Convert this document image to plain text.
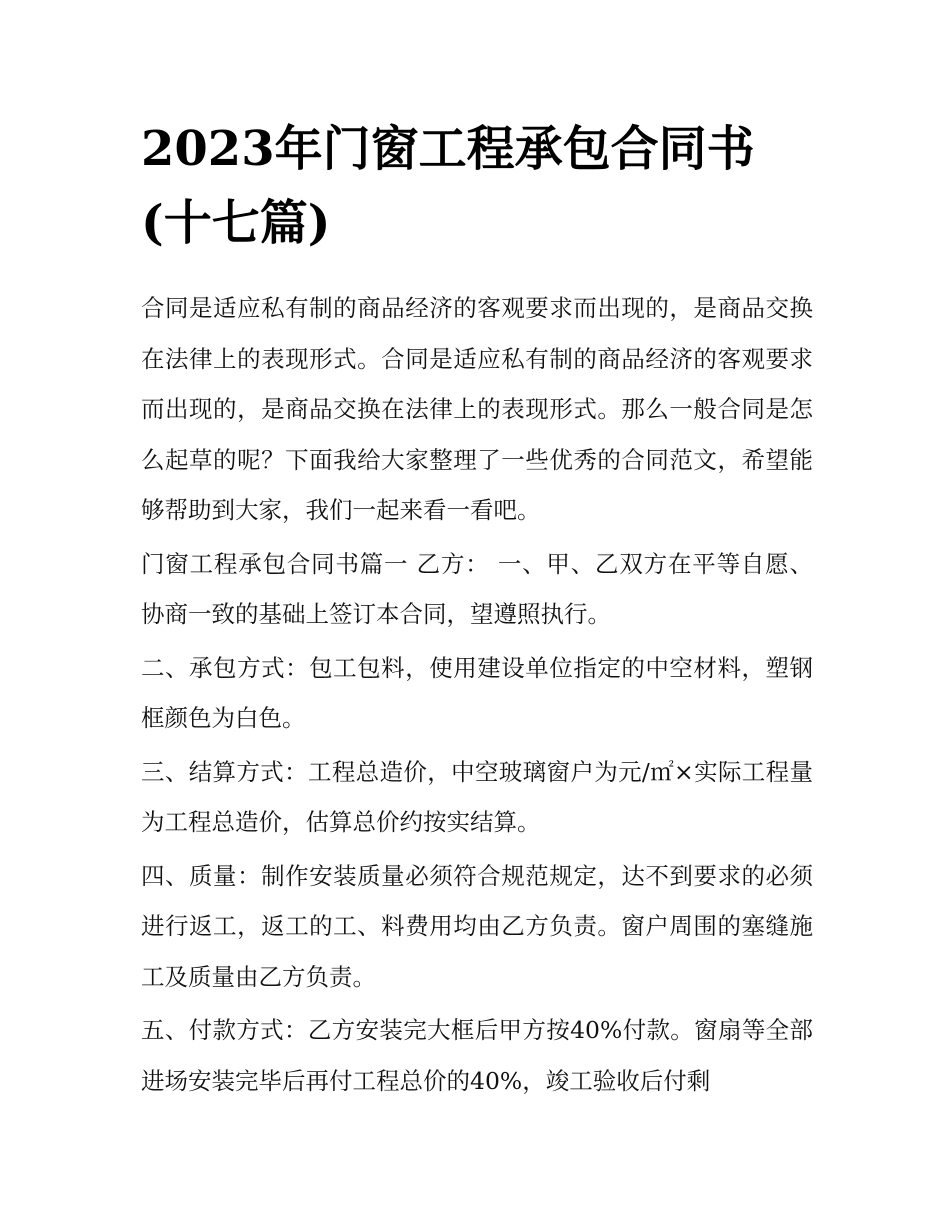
2023年门窗工程承包合同书
(十七篇)

合同是适应私有制的商品经济的客观要求而出现的，是商品交换在法律上的表现形式。合同是适应私有制的商品经济的客观要求而出现的，是商品交换在法律上的表现形式。那么一般合同是怎么起草的呢？下面我给大家整理了一些优秀的合同范文，希望能够帮助到大家，我们一起来看一看吧。

门窗工程承包合同书篇一 乙方： 一、甲、乙双方在平等自愿、协商一致的基础上签订本合同，望遵照执行。

二、承包方式：包工包料，使用建设单位指定的中空材料，塑钢框颜色为白色。

三、结算方式：工程总造价，中空玻璃窗户为元/㎡×实际工程量为工程总造价，估算总价约按实结算。

四、质量：制作安装质量必须符合规范规定，达不到要求的必须进行返工，返工的工、料费用均由乙方负责。窗户周围的塞缝施工及质量由乙方负责。

五、付款方式：乙方安装完大框后甲方按40%付款。窗扇等全部进场安装完毕后再付工程总价的40%，竣工验收后付剩
